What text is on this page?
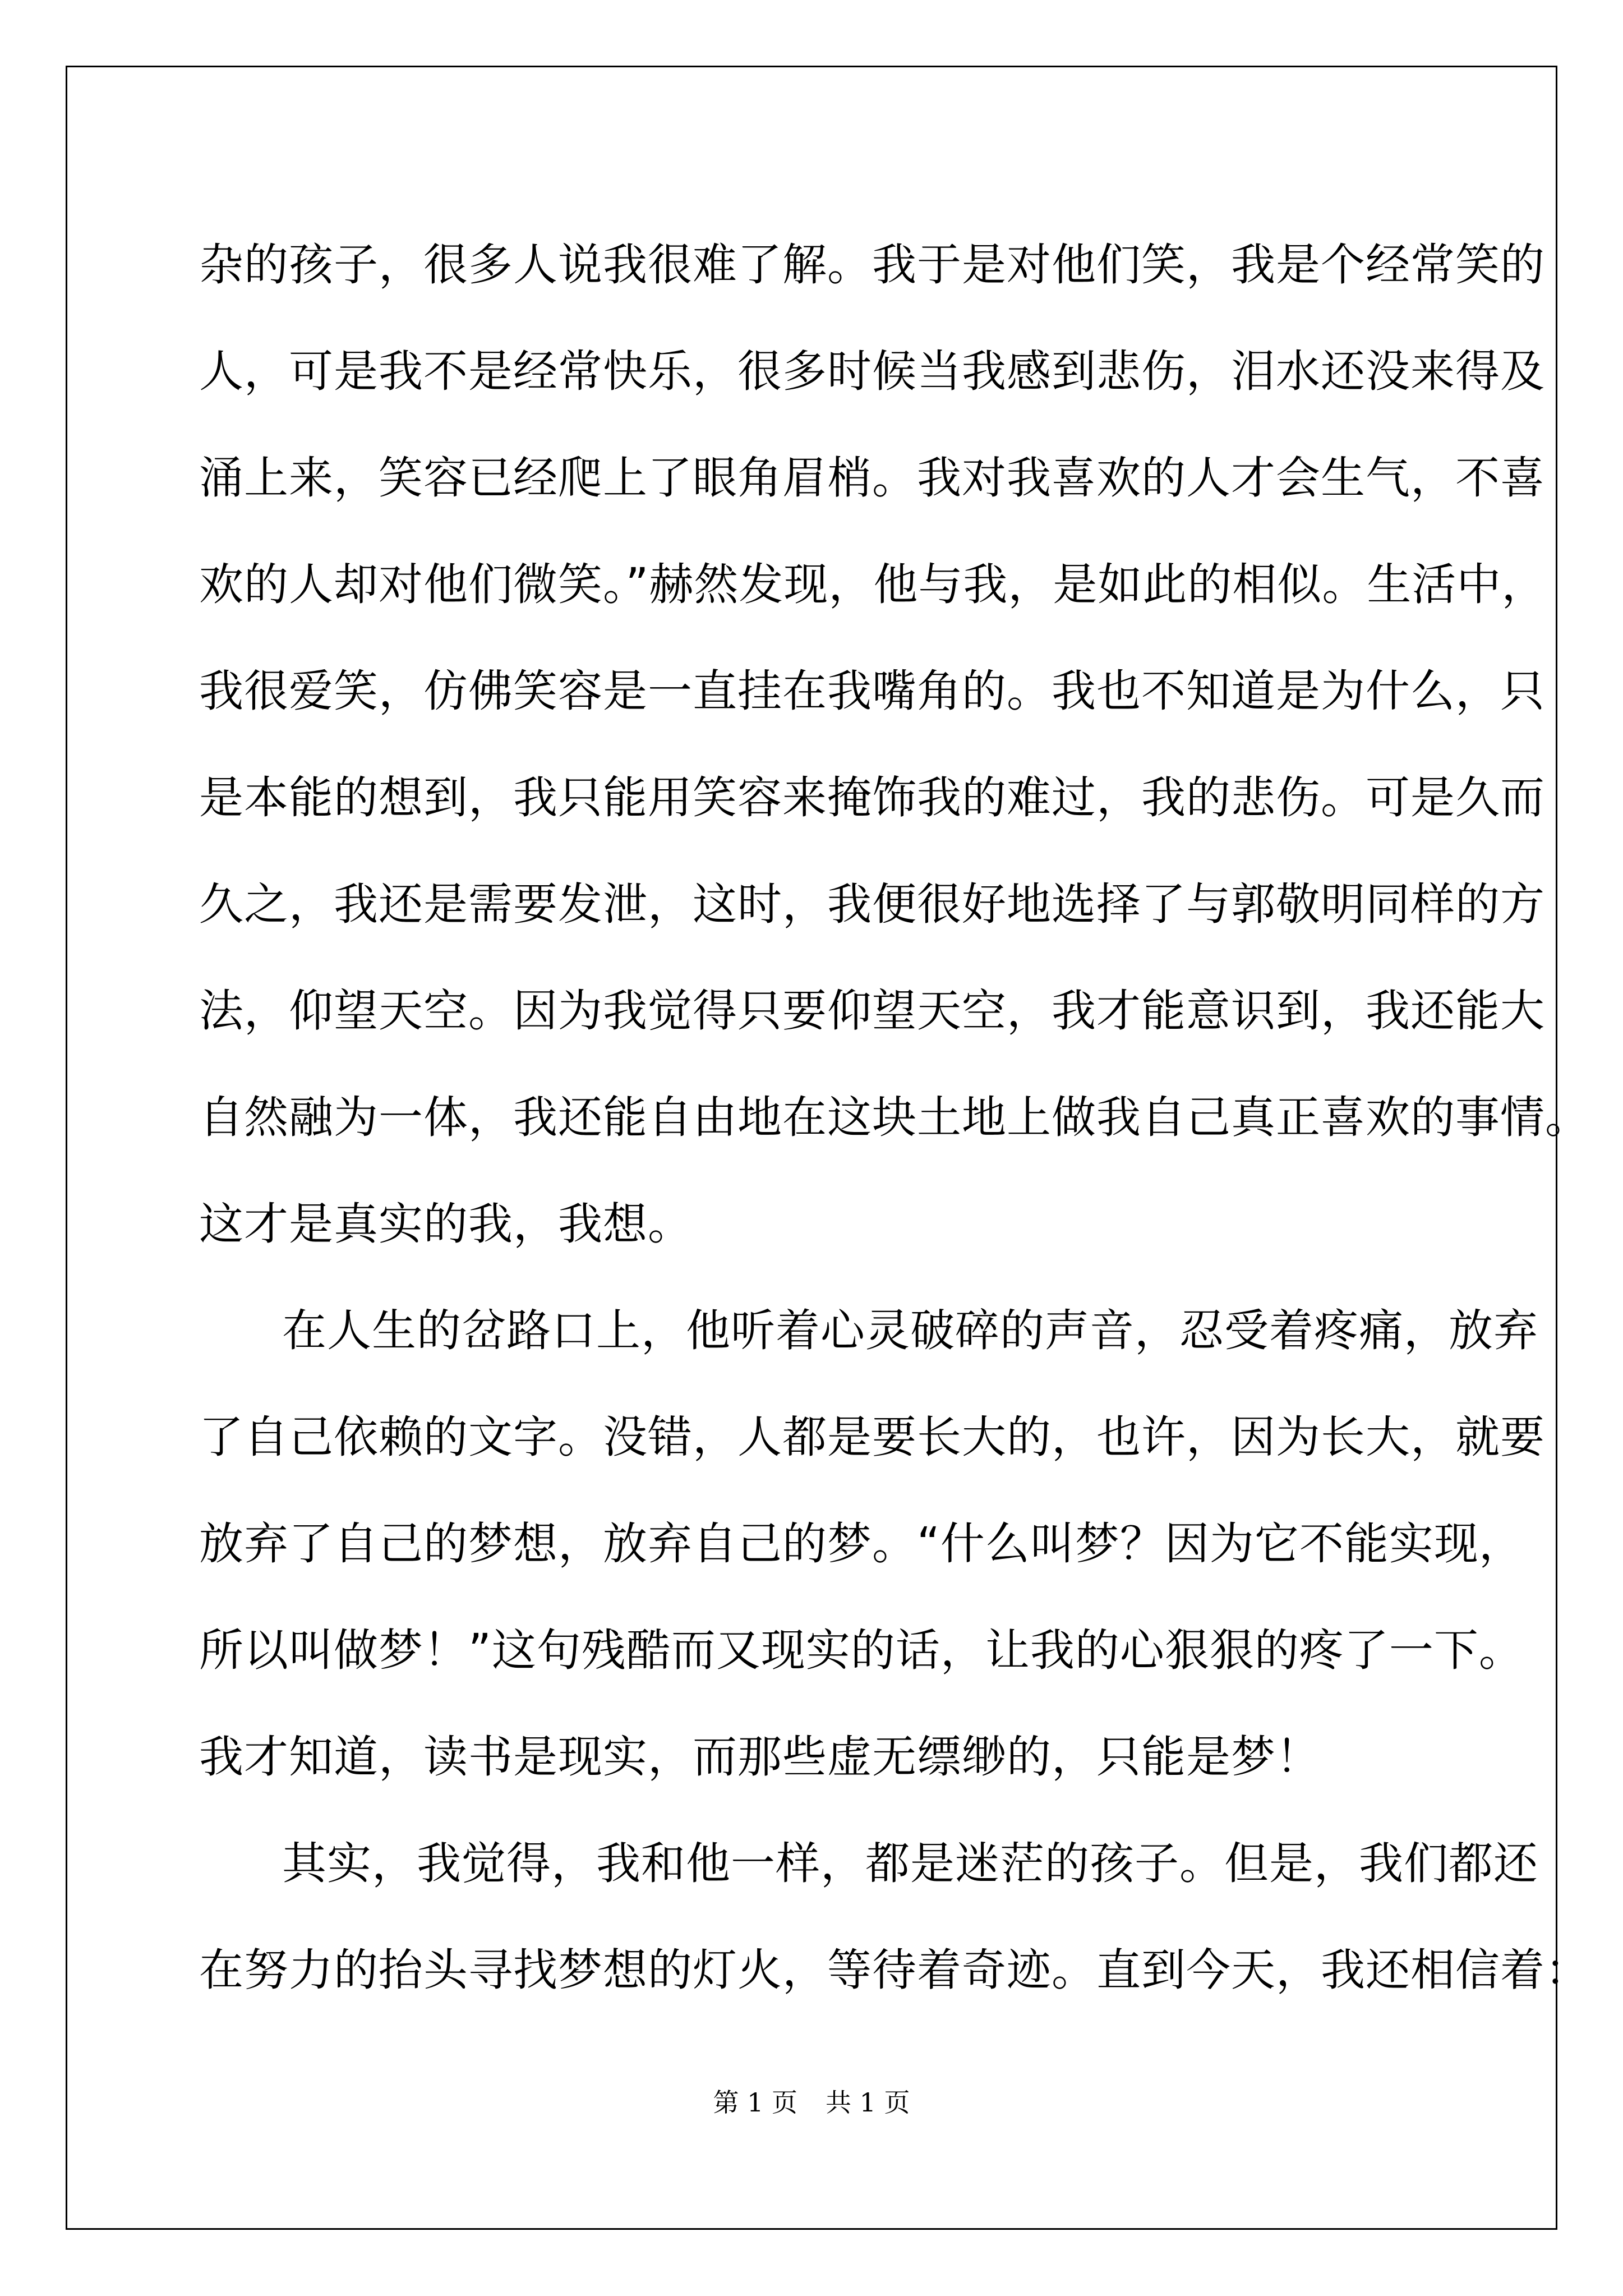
杂的孩子，很多人说我很难了解。我于是对他们笑，我是个经常笑的
人，可是我不是经常快乐，很多时候当我感到悲伤，泪水还没来得及
涌上来，笑容已经爬上了眼角眉梢。我对我喜欢的人才会生气，不喜
欢的人却对他们微笑。”赫然发现，他与我，是如此的相似。生活中，
我很爱笑，仿佛笑容是一直挂在我嘴角的。我也不知道是为什么，只
是本能的想到，我只能用笑容来掩饰我的难过，我的悲伤。可是久而
久之，我还是需要发泄，这时，我便很好地选择了与郭敬明同样的方
法，仰望天空。因为我觉得只要仰望天空，我才能意识到，我还能大
自然融为一体，我还能自由地在这块土地上做我自己真正喜欢的事情。
这才是真实的我，我想。
在人生的岔路口上，他听着心灵破碎的声音，忍受着疼痛，放弃
了自己依赖的文字。没错，人都是要长大的，也许，因为长大，就要
放弃了自己的梦想，放弃自己的梦。“什么叫梦？因为它不能实现，
所以叫做梦！”这句残酷而又现实的话，让我的心狠狠的疼了一下。
我才知道，读书是现实，而那些虚无缥缈的，只能是梦！
其实，我觉得，我和他一样，都是迷茫的孩子。但是，我们都还
在努力的抬头寻找梦想的灯火，等待着奇迹。直到今天，我还相信着：
第 1 页 共 1 页
